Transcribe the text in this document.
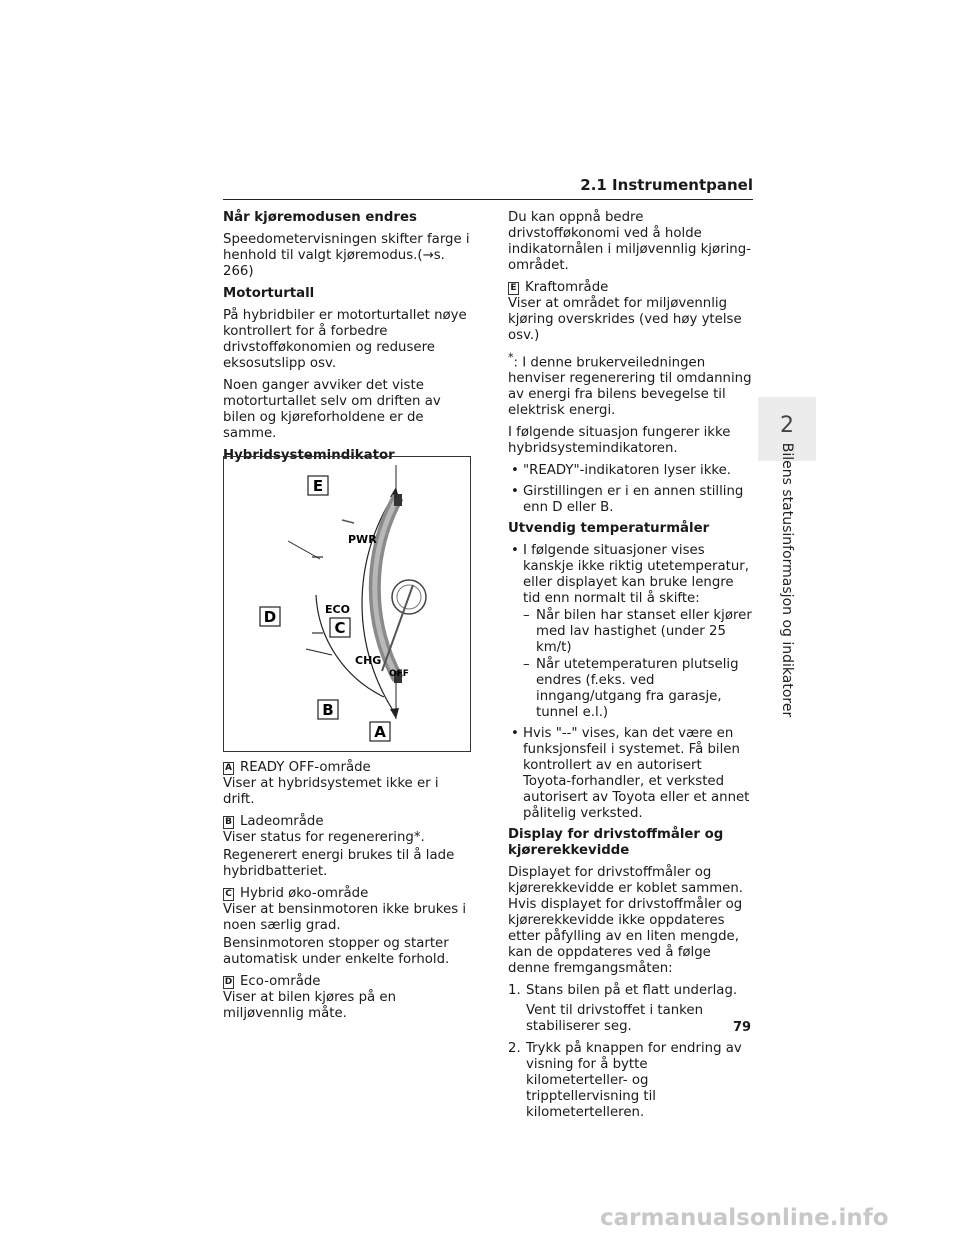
2.1 Instrumentpanel

Når kjøremodusen endres

Speedometervisningen skifter farge i henhold til valgt kjøremodus.(→s. 266)

Motorturtall

På hybridbiler er motorturtallet nøye kontrollert for å forbedre drivstofføkonomien og redusere eksosutslipp osv.

Noen ganger avviker det viste motorturtallet selv om driften av bilen og kjøreforholdene er de samme.

Hybridsystemindikator

PWR
ECO
CHG
OFF
E
D
C
B
A

A READY OFF-område

Viser at hybridsystemet ikke er i drift.

B Ladeområde

Viser status for regenerering*.

Regenerert energi brukes til å lade hybridbatteriet.

C Hybrid øko-område

Viser at bensinmotoren ikke brukes i noen særlig grad.

Bensinmotoren stopper og starter automatisk under enkelte forhold.

D Eco-område

Viser at bilen kjøres på en miljøvennlig måte.

Du kan oppnå bedre drivstofføkonomi ved å holde indikatornålen i miljøvennlig kjøring-området.

E Kraftområde

Viser at området for miljøvennlig kjøring overskrides (ved høy ytelse osv.)

*: I denne brukerveiledningen henviser regenerering til omdanning av energi fra bilens bevegelse til elektrisk energi.

I følgende situasjon fungerer ikke hybridsystemindikatoren.

• "READY"-indikatoren lyser ikke.
• Girstillingen er i en annen stilling enn D eller B.

Utvendig temperaturmåler

• I følgende situasjoner vises kanskje ikke riktig utetemperatur, eller displayet kan bruke lengre tid enn normalt til å skifte:
– Når bilen har stanset eller kjører med lav hastighet (under 25 km/t)
– Når utetemperaturen plutselig endres (f.eks. ved inngang/utgang fra garasje, tunnel e.l.)
• Hvis "--" vises, kan det være en funksjonsfeil i systemet. Få bilen kontrollert av en autorisert Toyota-forhandler, et verksted autorisert av Toyota eller et annet pålitelig verksted.

Display for drivstoffmåler og kjørerekkevidde

Displayet for drivstoffmåler og kjørerekkevidde er koblet sammen. Hvis displayet for drivstoffmåler og kjørerekkevidde ikke oppdateres etter påfylling av en liten mengde, kan de oppdateres ved å følge denne fremgangsmåten:

1. Stans bilen på et flatt underlag.
Vent til drivstoffet i tanken stabiliserer seg.
2. Trykk på knappen for endring av visning for å bytte kilometerteller- og tripptellervisning til kilometertelleren.
2
Bilens statusinformasjon og indikatorer
79
carmanualsonline.info
